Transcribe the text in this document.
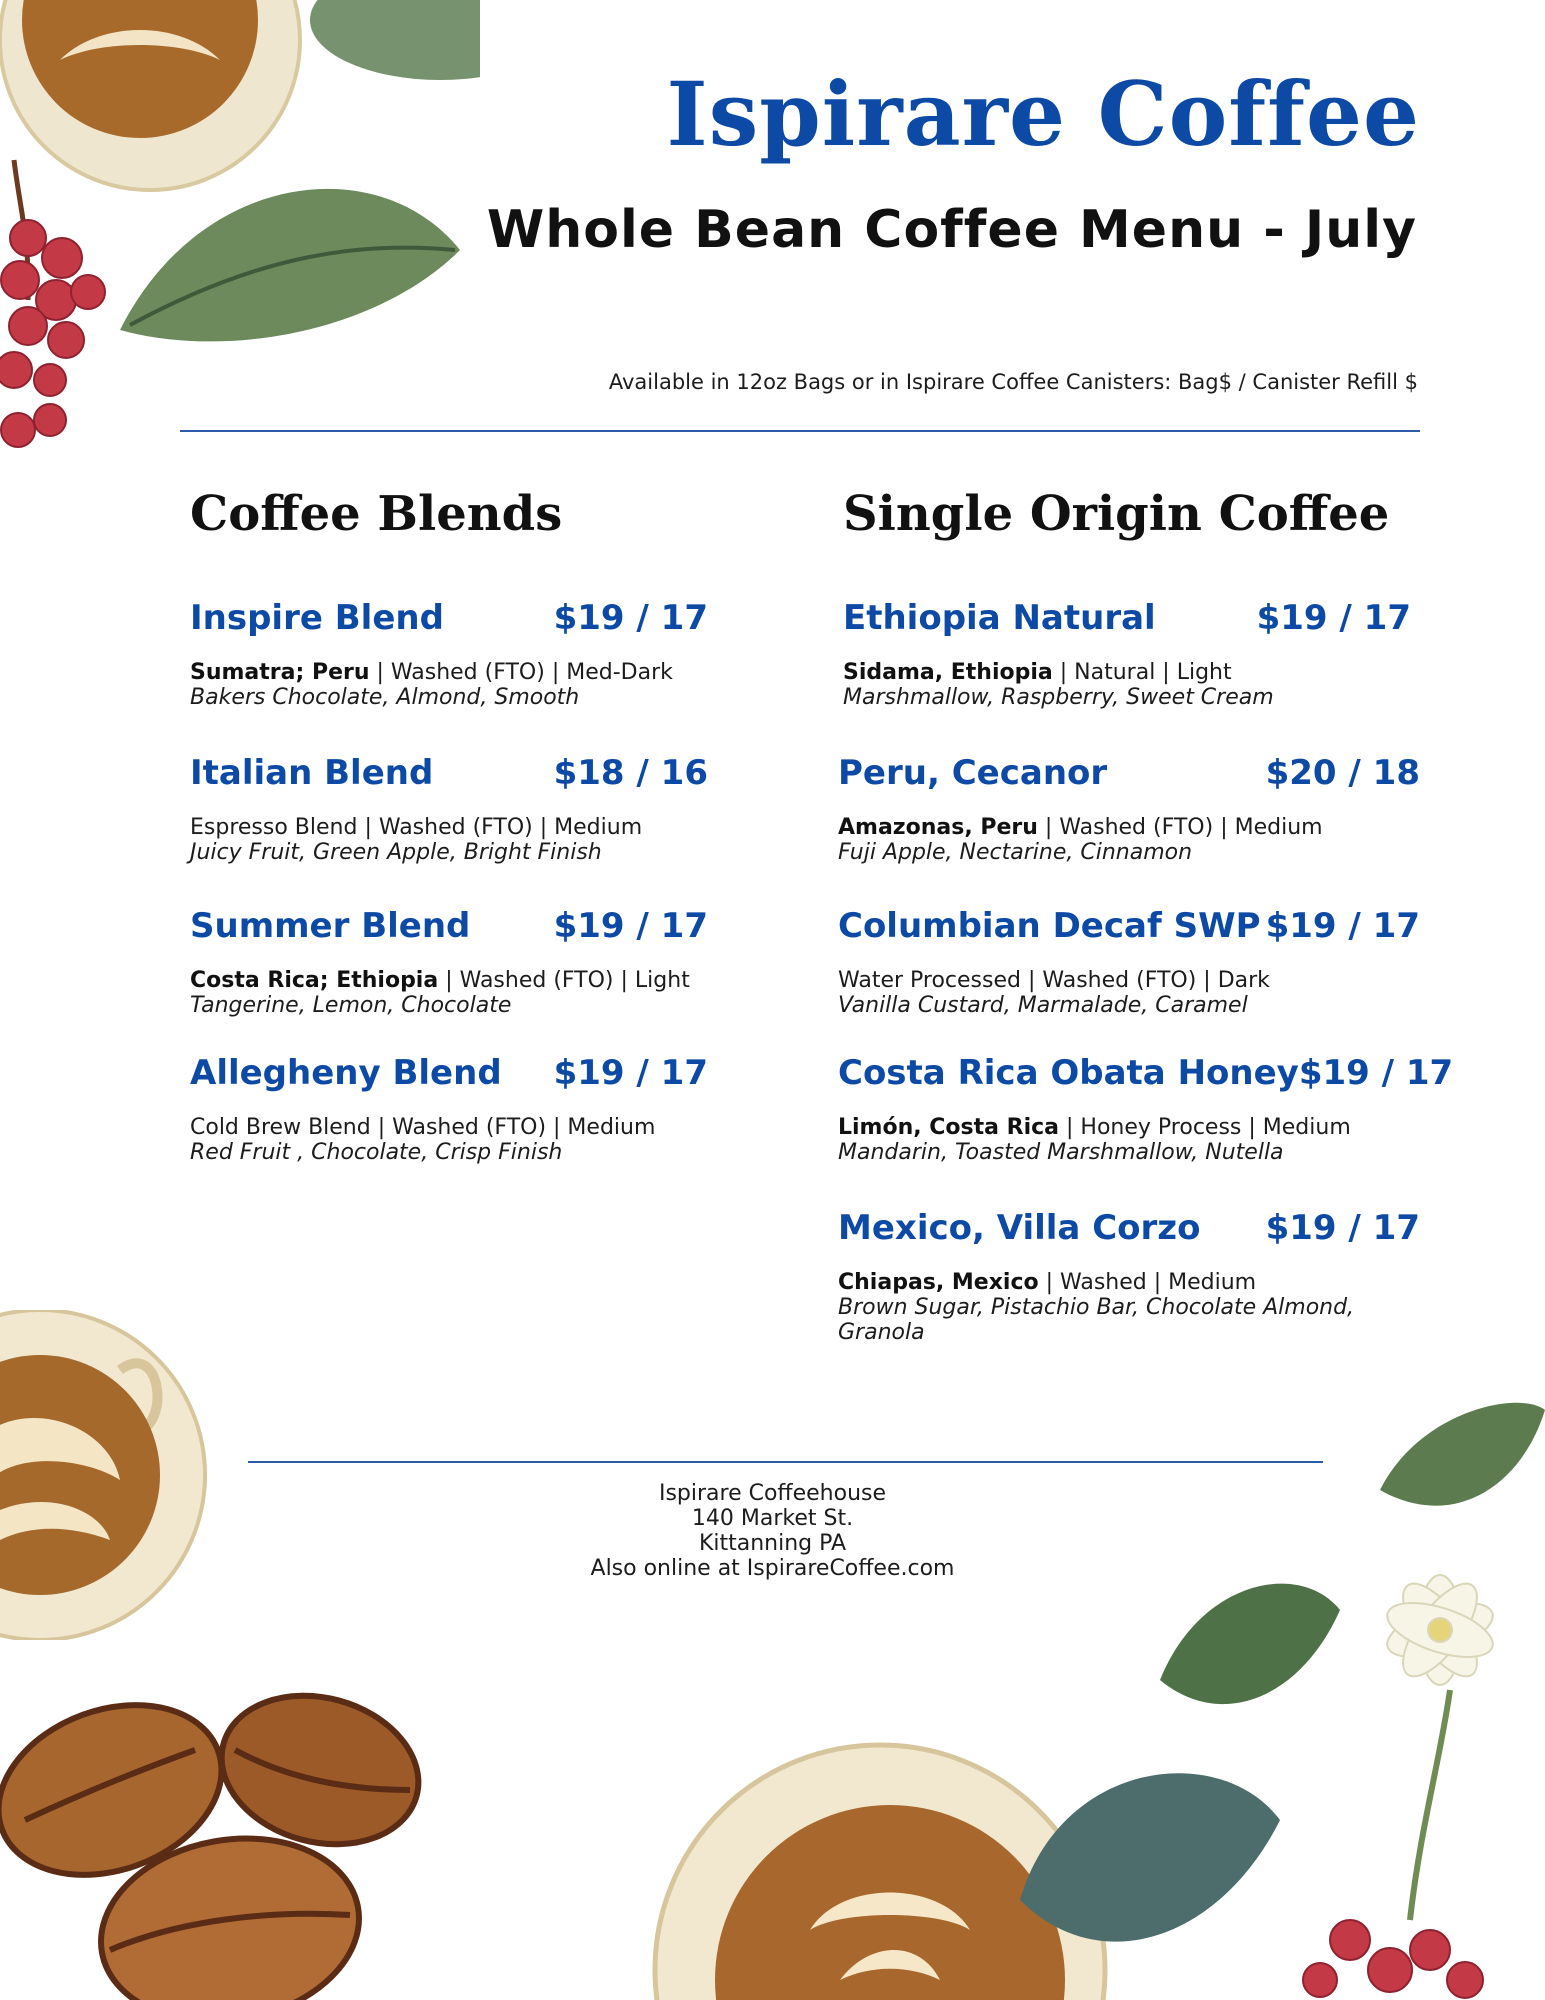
Ispirare Coffee
Whole Bean Coffee Menu - July
Available in 12oz Bags or in Ispirare Coffee Canisters: Bag$ / Canister Refill $
Coffee Blends	Single Origin Coffee
Inspire Blend	$19 / 17
Sumatra; Peru | Washed (FTO) | Med-Dark
Bakers Chocolate, Almond, Smooth
Italian Blend	$18 / 16
Espresso Blend | Washed (FTO) | Medium
Juicy Fruit, Green Apple, Bright Finish
Summer Blend $19 / 17
Costa Rica; Ethiopia | Washed (FTO) | Light
Tangerine, Lemon, Chocolate
Allegheny Blend $19 / 17
Cold Brew Blend | Washed (FTO) | Medium
Red Fruit , Chocolate, Crisp Finish
Ethiopia Natural	$19 / 17
Sidama, Ethiopia | Natural | Light
Marshmallow, Raspberry, Sweet Cream
Peru, Cecanor	$20 / 18
Amazonas, Peru | Washed (FTO) | Medium
Fuji Apple, Nectarine, Cinnamon
Columbian Decaf SWP $19 / 17
Water Processed | Washed (FTO) | Dark
Vanilla Custard, Marmalade, Caramel
Costa Rica Obata Honey $19 / 17
Limón, Costa Rica | Honey Process | Medium
Mandarin, Toasted Marshmallow, Nutella
Mexico, Villa Corzo $19 / 17
Chiapas, Mexico | Washed | Medium
Brown Sugar, Pistachio Bar, Chocolate Almond, Granola
Ispirare Coffeehouse
140 Market St.
Kittanning PA
Also online at IspirareCoffee.com
